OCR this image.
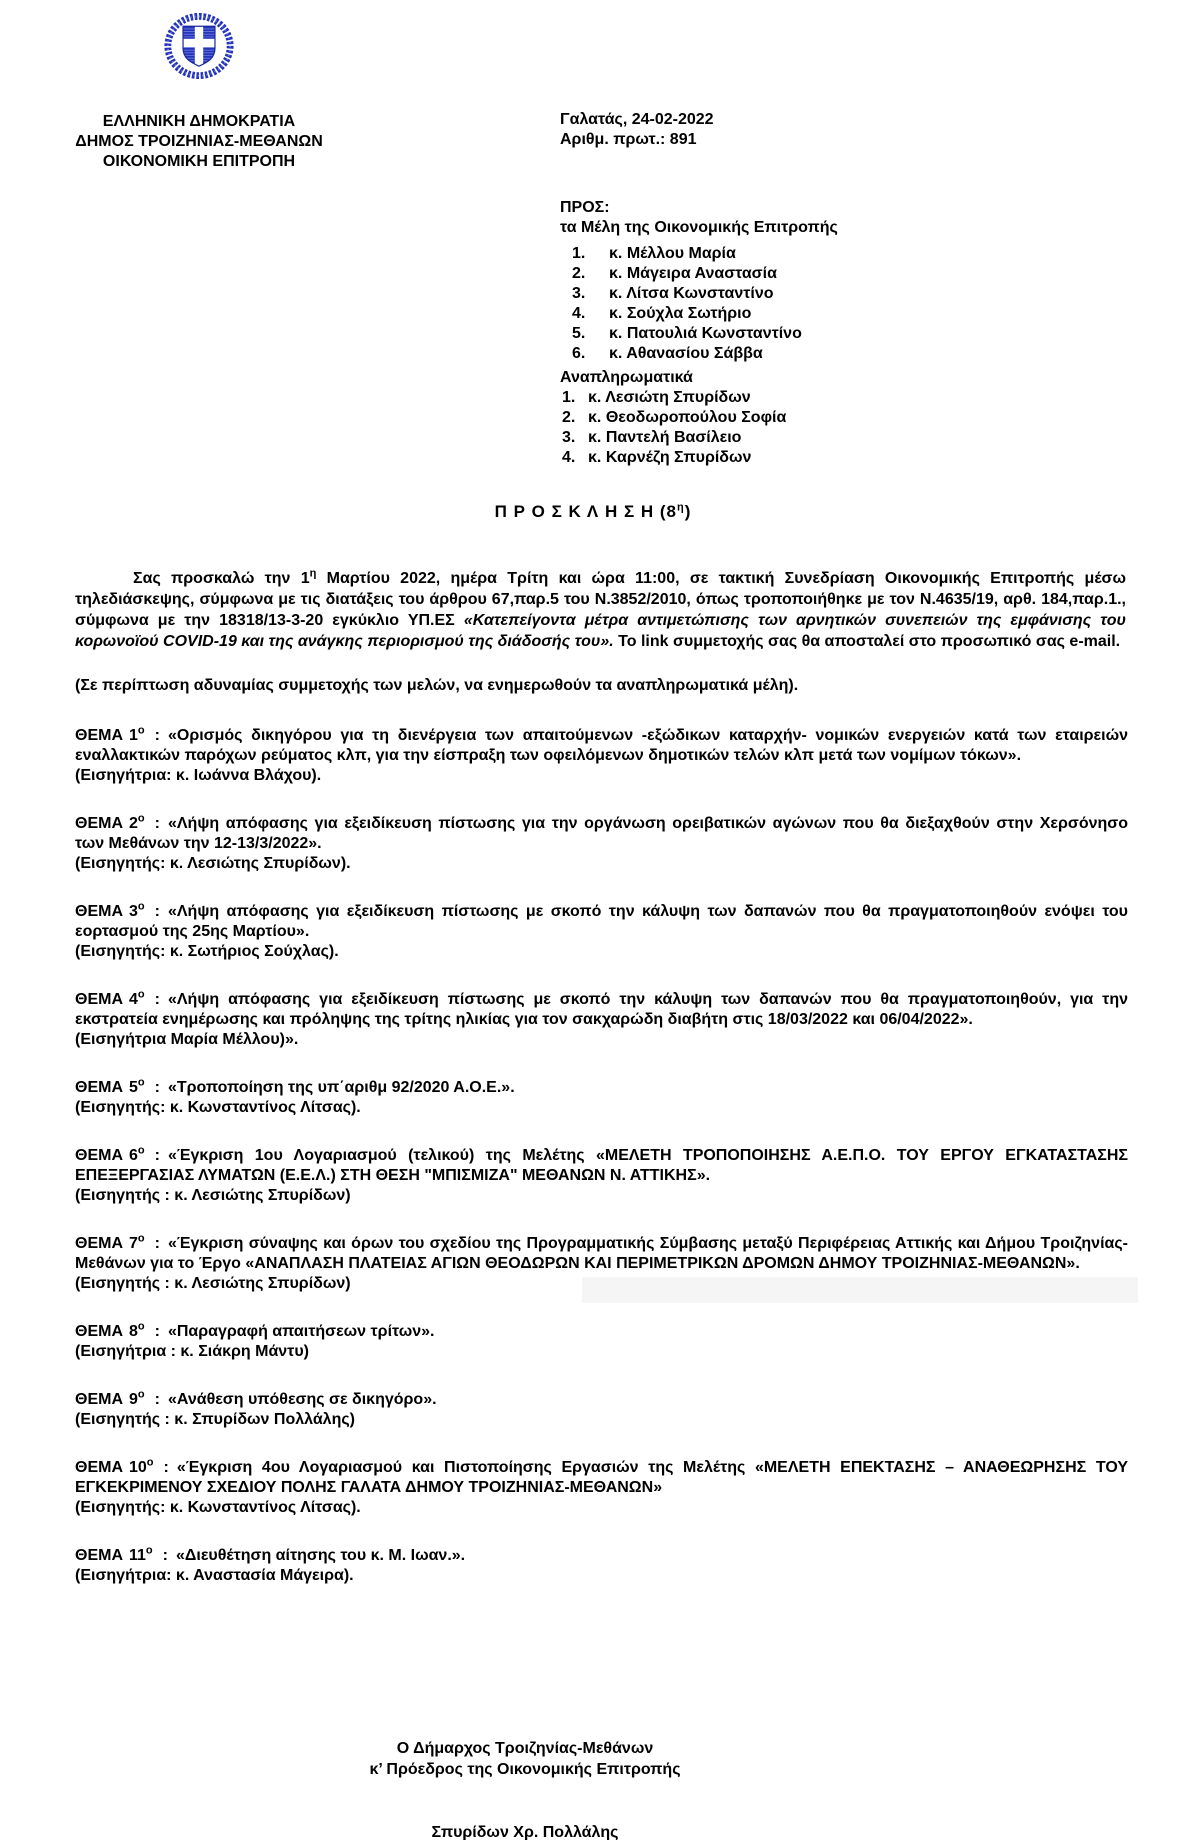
ΕΛΛΗΝΙΚΗ ΔΗΜΟΚΡΑΤΙΑ
ΔΗΜΟΣ ΤΡΟΙΖΗΝΙΑΣ-ΜΕΘΑΝΩΝ
ΟΙΚΟΝΟΜΙΚΗ ΕΠΙΤΡΟΠΗ
Γαλατάς, 24-02-2022
Αριθμ. πρωτ.: 891
ΠΡΟΣ:
τα Μέλη της Οικονομικής Επιτροπής
1. κ. Μέλλου Μαρία
2. κ. Μάγειρα Αναστασία
3. κ. Λίτσα Κωνσταντίνο
4. κ. Σούχλα Σωτήριο
5. κ. Πατουλιά Κωνσταντίνο
6. κ. Αθανασίου Σάββα
Αναπληρωματικά
1. κ. Λεσιώτη Σπυρίδων
2. κ. Θεοδωροπούλου Σοφία
3. κ. Παντελή Βασίλειο
4. κ. Καρνέζη Σπυρίδων
Π Ρ Ο Σ Κ Λ Η Σ Η $(8^\eta)$

Σας προσκαλώ την $1^\eta$ Μαρτίου 2022, ημέρα Τρίτη και ώρα 11:00, σε τακτική Συνεδρίαση Οικονομικής Επιτροπής μέσω τηλεδιάσκεψης, σύμφωνα με τις διατάξεις του άρθρου 67,παρ.5 του Ν.3852/2010, όπως τροποποιήθηκε με τον Ν.4635/19, αρθ. 184,παρ.1., σύμφωνα με την 18318/13-3-20 εγκύκλιο ΥΠ.ΕΣ «Κατεπείγοντα μέτρα αντιμετώπισης των αρνητικών συνεπειών της εμφάνισης του κορωνοϊού COVID-19 και της ανάγκης περιορισμού της διάδοσής του». Το link συμμετοχής σας θα αποσταλεί στο προσωπικό σας e-mail.

(Σε περίπτωση αδυναμίας συμμετοχής των μελών, να ενημερωθούν τα αναπληρωματικά μέλη).

ΘΕΜΑ $1^o$ : «Ορισμός δικηγόρου για τη διενέργεια των απαιτούμενων -εξώδικων καταρχήν- νομικών ενεργειών κατά των εταιρειών εναλλακτικών παρόχων ρεύματος κλπ, για την είσπραξη των οφειλόμενων δημοτικών τελών κλπ μετά των νομίμων τόκων».

(Εισηγήτρια: κ. Ιωάννα Βλάχου).

ΘΕΜΑ $2^o$ : «Λήψη απόφασης για εξειδίκευση πίστωσης για την οργάνωση ορειβατικών αγώνων που θα διεξαχθούν στην Χερσόνησο των Μεθάνων την 12-13/3/2022».

(Εισηγητής: κ. Λεσιώτης Σπυρίδων).

ΘΕΜΑ $3^o$ : «Λήψη απόφασης για εξειδίκευση πίστωσης με σκοπό την κάλυψη των δαπανών που θα πραγματοποιηθούν ενόψει του εορτασμού της 25ης Μαρτίου».

(Εισηγητής: κ. Σωτήριος Σούχλας).

ΘΕΜΑ $4^o$ : «Λήψη απόφασης για εξειδίκευση πίστωσης με σκοπό την κάλυψη των δαπανών που θα πραγματοποιηθούν, για την εκστρατεία ενημέρωσης και πρόληψης της τρίτης ηλικίας για τον σακχαρώδη διαβήτη στις 18/03/2022 και 06/04/2022».

(Εισηγήτρια Μαρία Μέλλου)».

ΘΕΜΑ $5^o$ : «Τροποποίηση της υπ΄αριθμ 92/2020 Α.Ο.Ε.».

(Εισηγητής: κ. Κωνσταντίνος Λίτσας).

ΘΕΜΑ $6^o$ : «Έγκριση 1ου Λογαριασμού (τελικού) της Μελέτης «ΜΕΛΕΤΗ ΤΡΟΠΟΠΟΙΗΣΗΣ Α.Ε.Π.Ο. ΤΟΥ ΕΡΓΟΥ ΕΓΚΑΤΑΣΤΑΣΗΣ ΕΠΕΞΕΡΓΑΣΙΑΣ ΛΥΜΑΤΩΝ (Ε.Ε.Λ.) ΣΤΗ ΘΕΣΗ "ΜΠΙΣΜΙΖΑ" ΜΕΘΑΝΩΝ Ν. ΑΤΤΙΚΗΣ».

(Εισηγητής : κ. Λεσιώτης Σπυρίδων)

ΘΕΜΑ $7^o$ : «Έγκριση σύναψης και όρων του σχεδίου της Προγραμματικής Σύμβασης μεταξύ Περιφέρειας Αττικής και Δήμου Τροιζηνίας-Μεθάνων για το Έργο «ΑΝΑΠΛΑΣΗ ΠΛΑΤΕΙΑΣ ΑΓΙΩΝ ΘΕΟΔΩΡΩΝ ΚΑΙ ΠΕΡΙΜΕΤΡΙΚΩΝ ΔΡΟΜΩΝ ΔΗΜΟΥ ΤΡΟΙΖΗΝΙΑΣ-ΜΕΘΑΝΩΝ».

(Εισηγητής : κ. Λεσιώτης Σπυρίδων)

ΘΕΜΑ $8^o$ : «Παραγραφή απαιτήσεων τρίτων».

(Εισηγήτρια : κ. Σιάκρη Μάντυ)

ΘΕΜΑ $9^o$ : «Ανάθεση υπόθεσης σε δικηγόρο».

(Εισηγητής : κ. Σπυρίδων Πολλάλης)

ΘΕΜΑ $10^o$ : «Έγκριση 4ου Λογαριασμού και Πιστοποίησης Εργασιών της Μελέτης «ΜΕΛΕΤΗ ΕΠΕΚΤΑΣΗΣ – ΑΝΑΘΕΩΡΗΣΗΣ ΤΟΥ ΕΓΚΕΚΡΙΜΕΝΟΥ ΣΧΕΔΙΟΥ ΠΟΛΗΣ ΓΑΛΑΤΑ ΔΗΜΟΥ ΤΡΟΙΖΗΝΙΑΣ-ΜΕΘΑΝΩΝ»

(Εισηγητής: κ. Κωνσταντίνος Λίτσας).

ΘΕΜΑ $11^o$ : «Διευθέτηση αίτησης του κ. Μ. Ιωαν.».

(Εισηγήτρια: κ. Αναστασία Μάγειρα).

Ο Δήμαρχος Τροιζηνίας-Μεθάνων
κ’ Πρόεδρος της Οικονομικής Επιτροπής
Σπυρίδων Χρ. Πολλάλης
